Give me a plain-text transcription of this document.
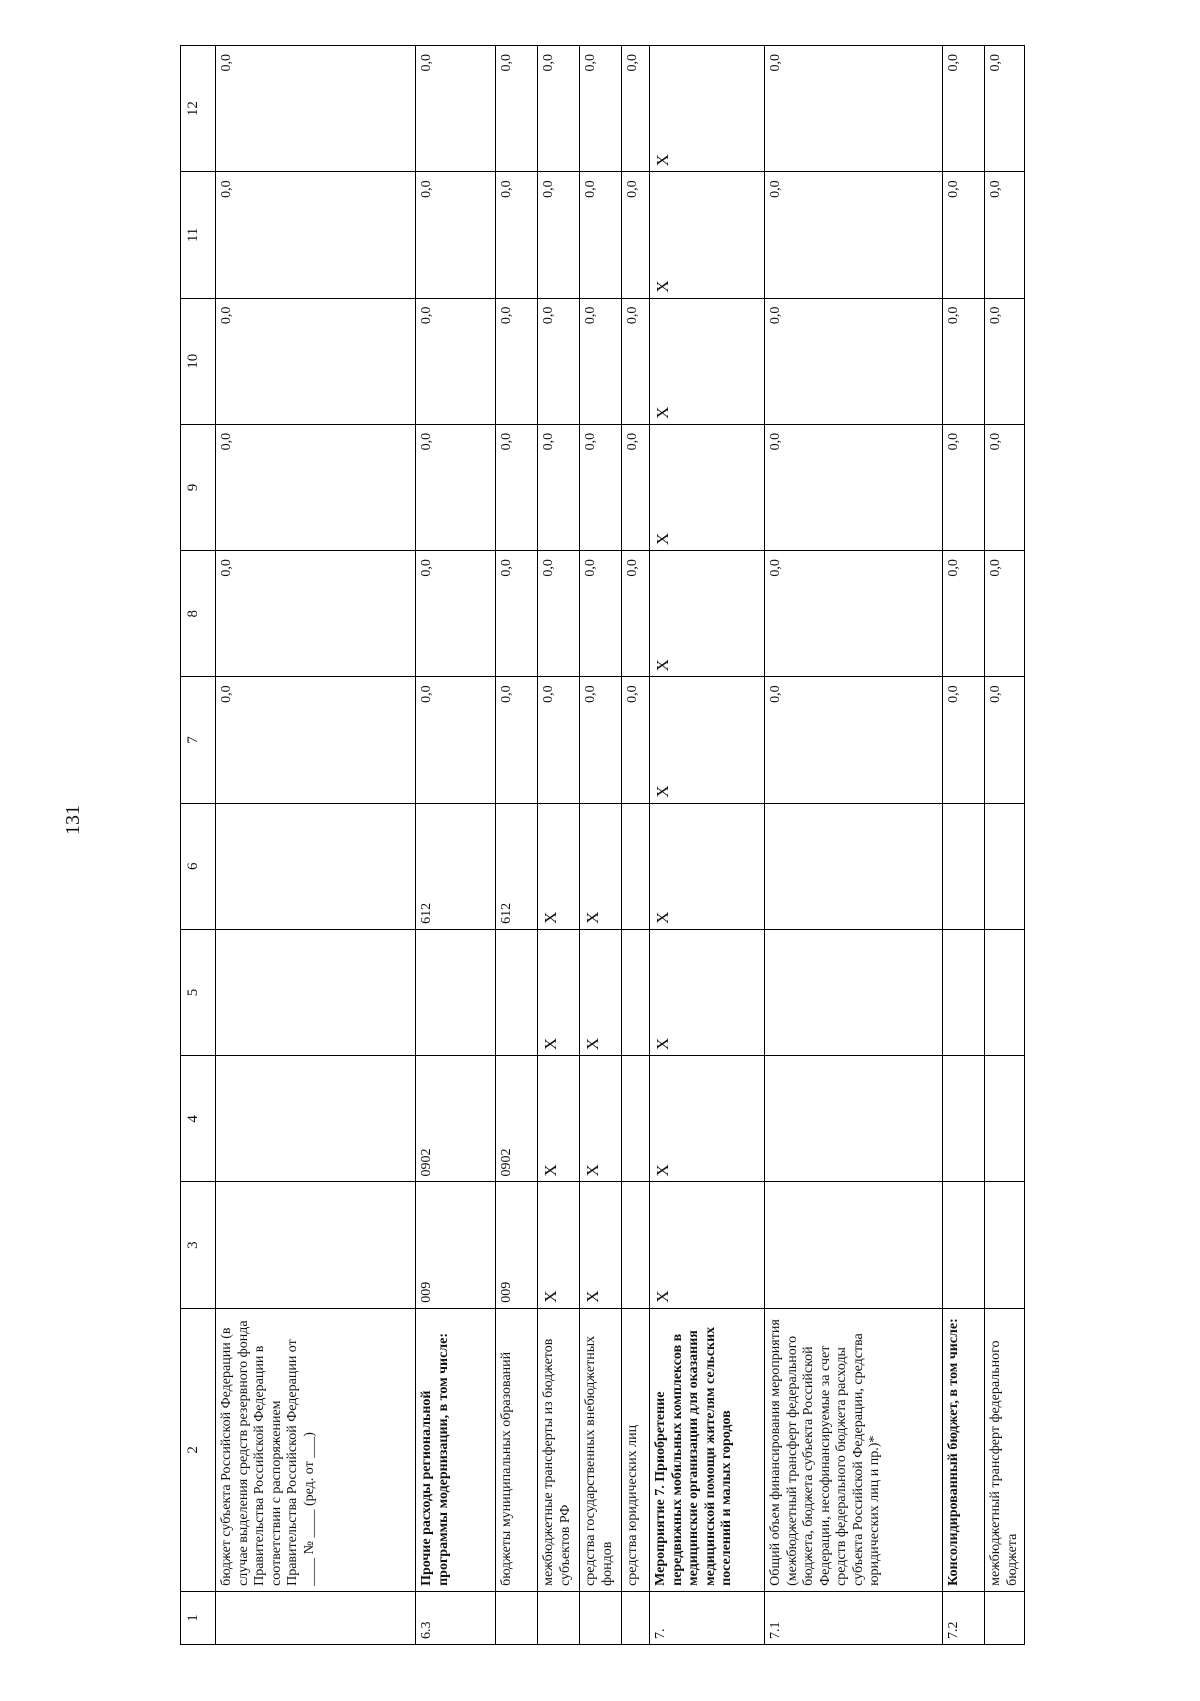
131
1	2	3	4	5	6	7	8	9	10	11	12
	бюджет субъекта Российской Федерации (в случае выделения средств резервного фонда Правительства Российской Федерации в соответствии с распоряжением Правительства Российской Федерации от ____ № ____ (ред. от ___)					0,0	0,0	0,0	0,0	0,0	0,0
6.3	Прочие расходы региональной программы модернизации, в том числе:	009	0902		612	0,0	0,0	0,0	0,0	0,0	0,0
	бюджеты муниципальных образований	009	0902		612	0,0	0,0	0,0	0,0	0,0	0,0
	межбюджетные трансферты из бюджетов субъектов РФ	X	X	X	X	0,0	0,0	0,0	0,0	0,0	0,0
	средства государственных внебюджетных фондов	X	X	X	X	0,0	0,0	0,0	0,0	0,0	0,0
	средства юридических лиц					0,0	0,0	0,0	0,0	0,0	0,0
7.	Мероприятие 7. Приобретение передвижных мобильных комплексов в медицинские организации для оказания медицинской помощи жителям сельских поселений и малых городов	X	X	X	X	X	X	X	X	X	X
7.1	Общий объем финансирования мероприятия (межбюджетный трансферт федерального бюджета, бюджета субъекта Российской Федерации, несофинансируемые за счет средств федерального бюджета расходы субъекта Российской Федерации, средства юридических лиц и пр.)*					0,0	0,0	0,0	0,0	0,0	0,0
7.2	Консолидированный бюджет, в том числе:					0,0	0,0	0,0	0,0	0,0	0,0
	межбюджетный трансферт федерального бюджета					0,0	0,0	0,0	0,0	0,0	0,0
